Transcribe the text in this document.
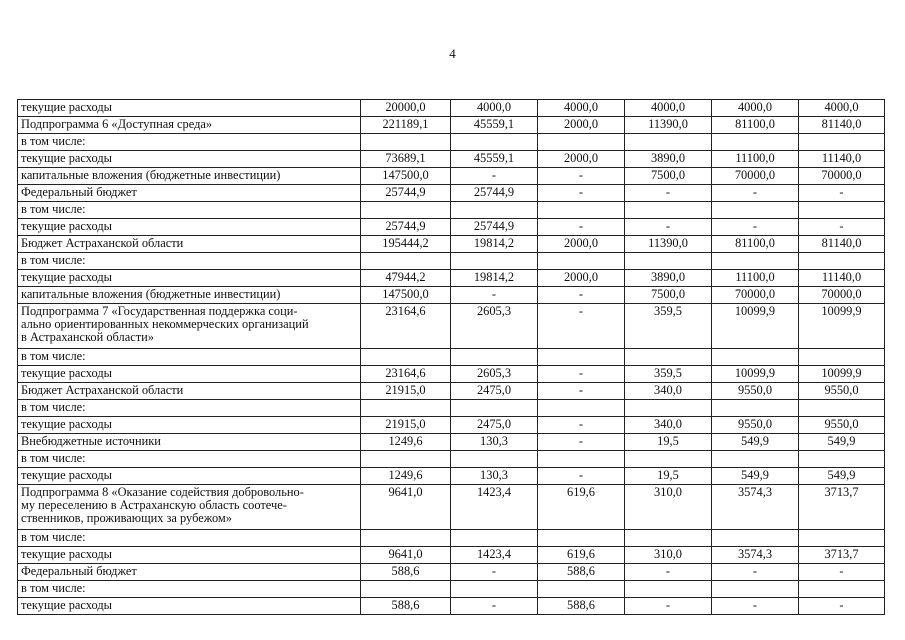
4
текущие расходы	20000,0	4000,0	4000,0	4000,0	4000,0	4000,0
Подпрограмма 6 «Доступная среда»	221189,1	45559,1	2000,0	11390,0	81100,0	81140,0
в том числе:						
текущие расходы	73689,1	45559,1	2000,0	3890,0	11100,0	11140,0
капитальные вложения (бюджетные инвестиции)	147500,0	-	-	7500,0	70000,0	70000,0
Федеральный бюджет	25744,9	25744,9	-	-	-	-
в том числе:						
текущие расходы	25744,9	25744,9	-	-	-	-
Бюджет Астраханской области	195444,2	19814,2	2000,0	11390,0	81100,0	81140,0
в том числе:						
текущие расходы	47944,2	19814,2	2000,0	3890,0	11100,0	11140,0
капитальные вложения (бюджетные инвестиции)	147500,0	-	-	7500,0	70000,0	70000,0
Подпрограмма 7 «Государственная поддержка соци-
ально ориентированных некоммерческих организаций
в Астраханской области»	23164,6	2605,3	-	359,5	10099,9	10099,9
в том числе:						
текущие расходы	23164,6	2605,3	-	359,5	10099,9	10099,9
Бюджет Астраханской области	21915,0	2475,0	-	340,0	9550,0	9550,0
в том числе:						
текущие расходы	21915,0	2475,0	-	340,0	9550,0	9550,0
Внебюджетные источники	1249,6	130,3	-	19,5	549,9	549,9
в том числе:						
текущие расходы	1249,6	130,3	-	19,5	549,9	549,9
Подпрограмма 8 «Оказание содействия добровольно-
му переселению в Астраханскую область соотече-
ственников, проживающих за рубежом»	9641,0	1423,4	619,6	310,0	3574,3	3713,7
в том числе:						
текущие расходы	9641,0	1423,4	619,6	310,0	3574,3	3713,7
Федеральный бюджет	588,6	-	588,6	-	-	-
в том числе:						
текущие расходы	588,6	-	588,6	-	-	-
